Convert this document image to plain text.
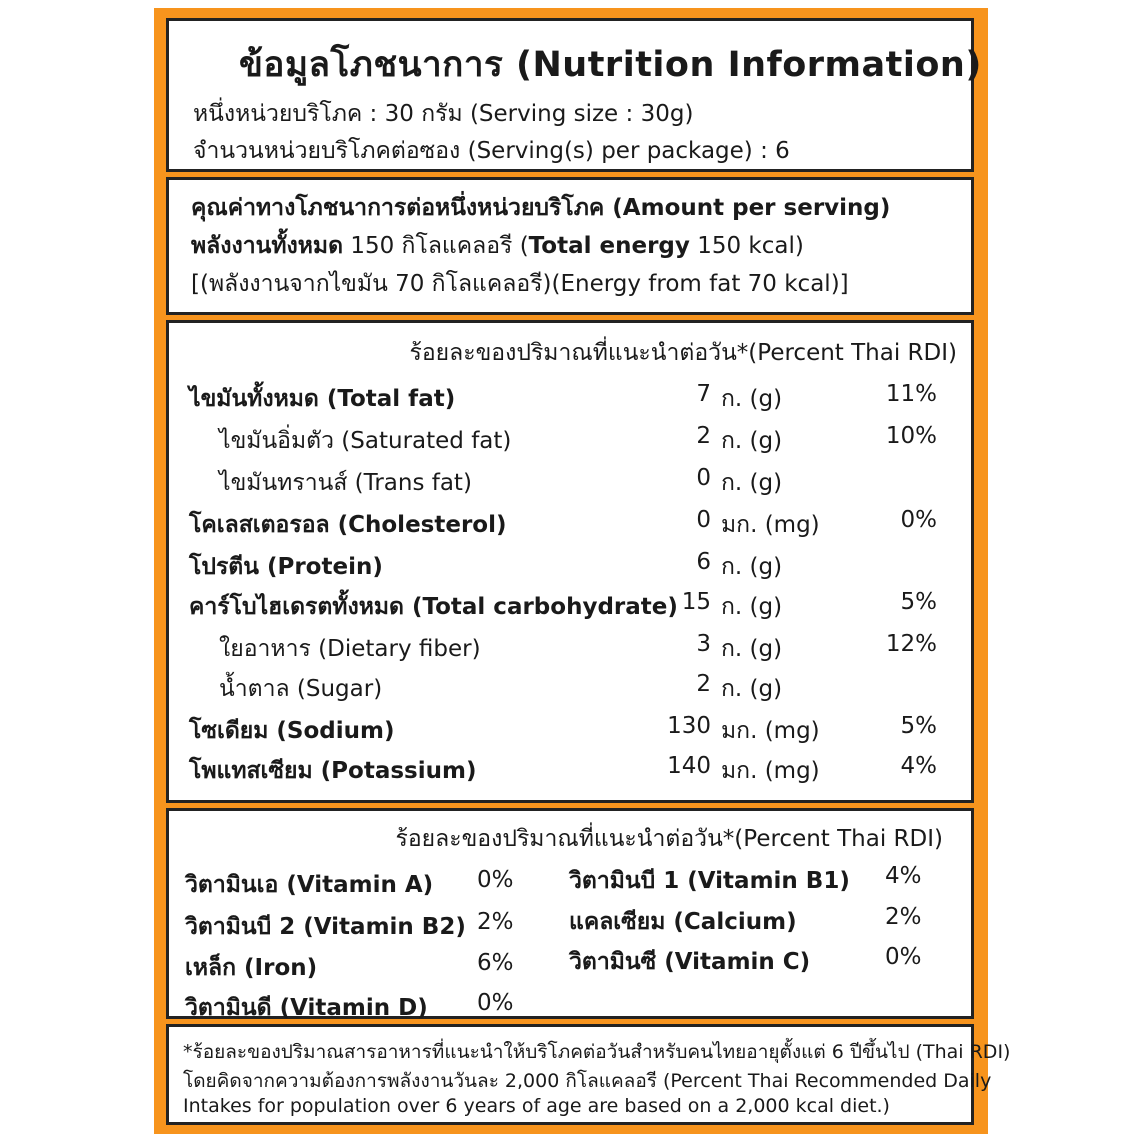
ข้อมูลโภชนาการ (Nutrition Information)
หนึ่งหน่วยบริโภค : 30 กรัม (Serving size : 30g)
จำนวนหน่วยบริโภคต่อซอง (Serving(s) per package) : 6
คุณค่าทางโภชนาการต่อหนึ่งหน่วยบริโภค (Amount per serving)
พลังงานทั้งหมด 150 กิโลแคลอรี (Total energy 150 kcal)
[(พลังงานจากไขมัน 70 กิโลแคลอรี)(Energy from fat 70 kcal)]
ร้อยละของปริมาณที่แนะนำต่อวัน*(Percent Thai RDI)
ไขมันทั้งหมด (Total fat)	7 ก. (g)	11%
ไขมันอิ่มตัว (Saturated fat)	2 ก. (g)	10%
ไขมันทรานส์ (Trans fat)	0 ก. (g)
โคเลสเตอรอล (Cholesterol)	0 มก. (mg)	0%
โปรตีน (Protein)	6 ก. (g)
คาร์โบไฮเดรตทั้งหมด (Total carbohydrate) 15 ก. (g)	5%
ใยอาหาร (Dietary fiber)	3 ก. (g)	12%
น้ำตาล (Sugar)	2 ก. (g)
โซเดียม (Sodium)	130 มก. (mg)	5%
โพแทสเซียม (Potassium)	140 มก. (mg)	4%
ร้อยละของปริมาณที่แนะนำต่อวัน*(Percent Thai RDI)
วิตามินเอ (Vitamin A) 0%
วิตามินบี 2 (Vitamin B2) 2%
เหล็ก (Iron)	6%
วิตามินดี (Vitamin D) 0%
วิตามินบี 1 (Vitamin B1) 4%
แคลเซียม (Calcium)	2%
วิตามินซี (Vitamin C)	0%
*ร้อยละของปริมาณสารอาหารที่แนะนำให้บริโภคต่อวันสำหรับคนไทยอายุตั้งแต่ 6 ปีขึ้นไป (Thai RDI)
โดยคิดจากความต้องการพลังงานวันละ 2,000 กิโลแคลอรี (Percent Thai Recommended Daily
Intakes for population over 6 years of age are based on a 2,000 kcal diet.)
